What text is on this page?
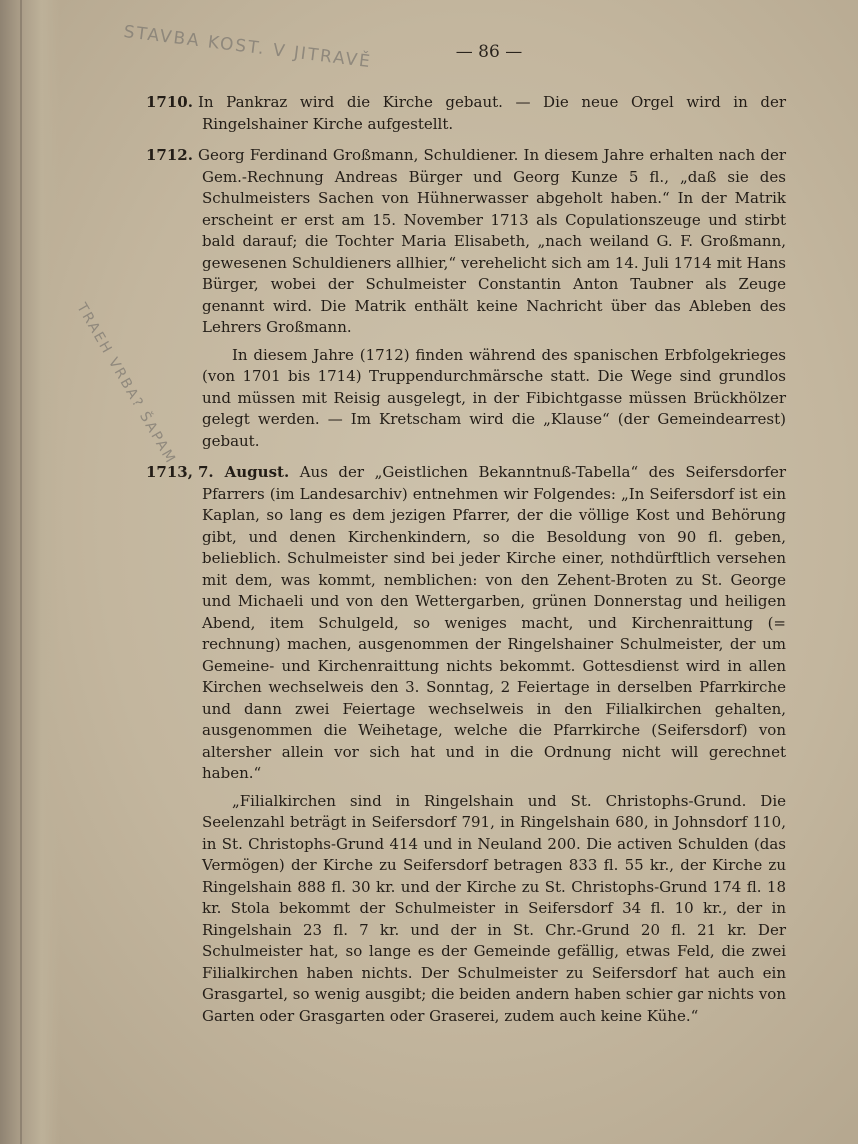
STAVBA KOST. V JITRAVĚ
TRAEH VRBA? ŠAPAM
— 86 —
1710. In Pankraz wird die Kirche gebaut. — Die neue Orgel wird in der Ringelshainer Kirche aufgestellt.
1712. Georg Ferdinand Großmann, Schuldiener. In diesem Jahre erhalten nach der Gem.-Rechnung Andreas Bürger und Georg Kunze 5 fl., „daß sie des Schulmeisters Sachen von Hühnerwasser abgeholt haben.“ In der Matrik erscheint er erst am 15. November 1713 als Copulationszeuge und stirbt bald darauf; die Tochter Maria Elisabeth, „nach weiland G. F. Großmann, gewesenen Schuldieners allhier,“ verehelicht sich am 14. Juli 1714 mit Hans Bürger, wobei der Schulmeister Constantin Anton Taubner als Zeuge genannt wird. Die Matrik enthält keine Nachricht über das Ableben des Lehrers Großmann.
In diesem Jahre (1712) finden während des spanischen Erbfolgekrieges (von 1701 bis 1714) Truppendurchmärsche statt. Die Wege sind grundlos und müssen mit Reisig ausgelegt, in der Fibichtgasse müssen Brückhölzer gelegt werden. — Im Kretscham wird die „Klause“ (der Gemeindearrest) gebaut.
1713, 7. August. Aus der „Geistlichen Bekanntnuß-Tabella“ des Seifersdorfer Pfarrers (im Landesarchiv) entnehmen wir Folgendes: „In Seifersdorf ist ein Kaplan, so lang es dem jezigen Pfarrer, der die völlige Kost und Behörung gibt, und denen Kirchenkindern, so die Besoldung von 90 fl. geben, belieblich. Schulmeister sind bei jeder Kirche einer, nothdürftlich versehen mit dem, was kommt, nemblichen: von den Zehent-Broten zu St. George und Michaeli und von den Wettergarben, grünen Donnerstag und heiligen Abend, item Schulgeld, so weniges macht, und Kirchenraittung (= rechnung) machen, ausgenommen der Ringelshainer Schulmeister, der um Gemeine- und Kirchenraittung nichts bekommt. Gottesdienst wird in allen Kirchen wechselweis den 3. Sonntag, 2 Feiertage in derselben Pfarrkirche und dann zwei Feiertage wechselweis in den Filialkirchen gehalten, ausgenommen die Weihetage, welche die Pfarrkirche (Seifersdorf) von altersher allein vor sich hat und in die Ordnung nicht will gerechnet haben.“
„Filialkirchen sind in Ringelshain und St. Christophs-Grund. Die Seelenzahl beträgt in Seifersdorf 791, in Ringelshain 680, in Johnsdorf 110, in St. Christophs-Grund 414 und in Neuland 200. Die activen Schulden (das Vermögen) der Kirche zu Seifersdorf betragen 833 fl. 55 kr., der Kirche zu Ringelshain 888 fl. 30 kr. und der Kirche zu St. Christophs-Grund 174 fl. 18 kr. Stola bekommt der Schulmeister in Seifersdorf 34 fl. 10 kr., der in Ringelshain 23 fl. 7 kr. und der in St. Chr.-Grund 20 fl. 21 kr. Der Schulmeister hat, so lange es der Gemeinde gefällig, etwas Feld, die zwei Filialkirchen haben nichts. Der Schulmeister zu Seifersdorf hat auch ein Grasgartel, so wenig ausgibt; die beiden andern haben schier gar nichts von Garten oder Grasgarten oder Graserei, zudem auch keine Kühe.“
